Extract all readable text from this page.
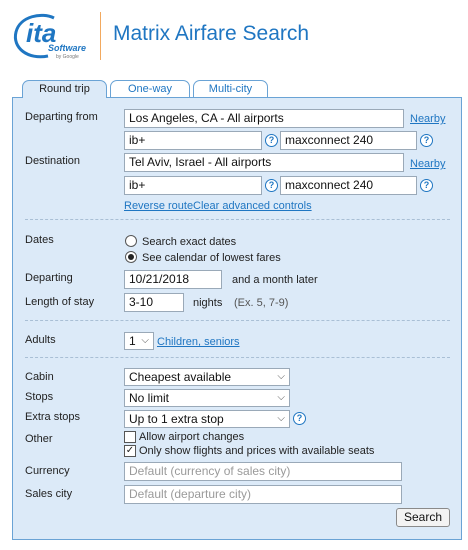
ita
Software
by Google
Matrix Airfare Search
Round trip	One-way	Multi-city
Departing from	Los Angeles, CA - All airports	Nearby
ib+	? maxconnect 240	?
Destination	Tel Aviv, Israel - All airports	Nearby
ib+	? maxconnect 240	?
Reverse route Clear advanced controls
Dates	Search exact dates
See calendar of lowest fares
Departing	10/21/2018	and a month later
Length of stay	3-10	nights (Ex. 5, 7-9)
Adults	1 ⌵ Children, seniors
Cabin	Cheapest available	⌵
Stops	No limit	⌵
Extra stops	Up to 1 extra stop	⌵	?
Other	Allow airport changes
✓ Only show flights and prices with available seats
Currency	Default (currency of sales city)
Sales city	Default (departure city)
Search
